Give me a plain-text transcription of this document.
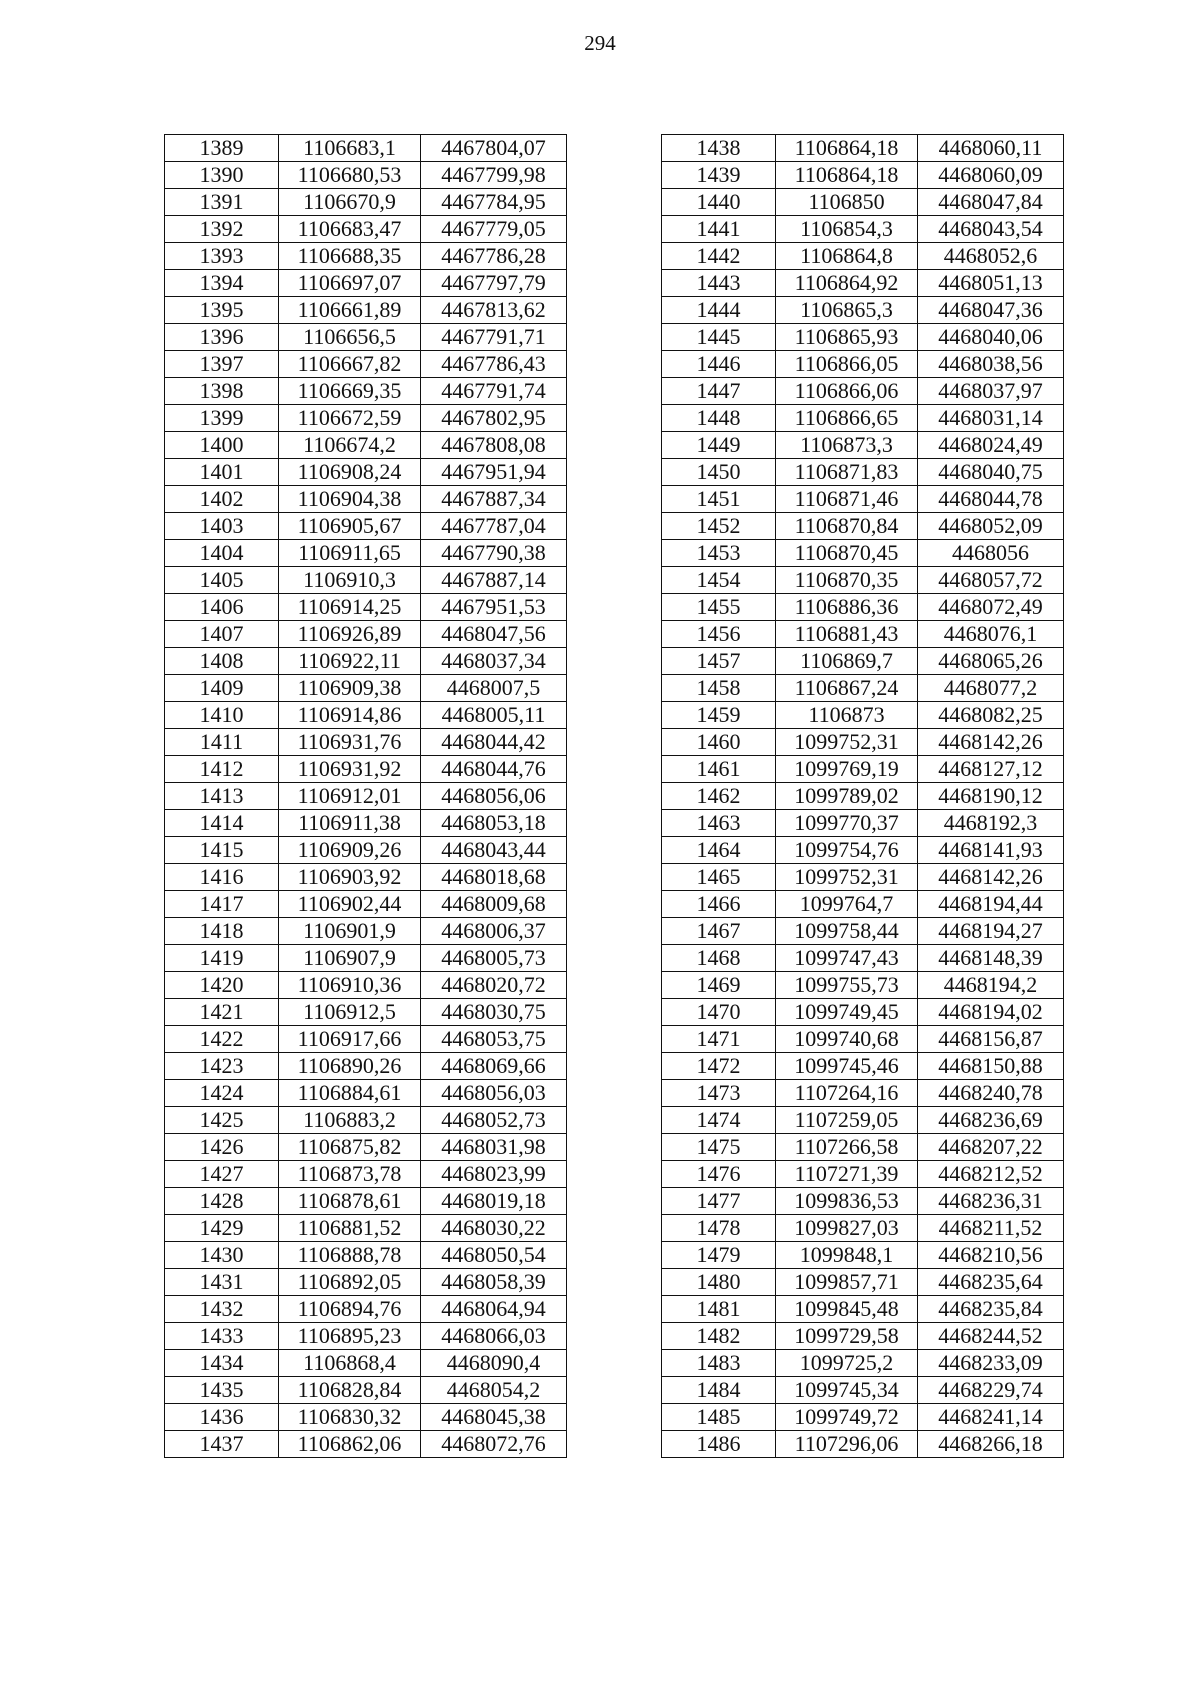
294
1389	1106683,1	4467804,07
1390	1106680,53	4467799,98
1391	1106670,9	4467784,95
1392	1106683,47	4467779,05
1393	1106688,35	4467786,28
1394	1106697,07	4467797,79
1395	1106661,89	4467813,62
1396	1106656,5	4467791,71
1397	1106667,82	4467786,43
1398	1106669,35	4467791,74
1399	1106672,59	4467802,95
1400	1106674,2	4467808,08
1401	1106908,24	4467951,94
1402	1106904,38	4467887,34
1403	1106905,67	4467787,04
1404	1106911,65	4467790,38
1405	1106910,3	4467887,14
1406	1106914,25	4467951,53
1407	1106926,89	4468047,56
1408	1106922,11	4468037,34
1409	1106909,38	4468007,5
1410	1106914,86	4468005,11
1411	1106931,76	4468044,42
1412	1106931,92	4468044,76
1413	1106912,01	4468056,06
1414	1106911,38	4468053,18
1415	1106909,26	4468043,44
1416	1106903,92	4468018,68
1417	1106902,44	4468009,68
1418	1106901,9	4468006,37
1419	1106907,9	4468005,73
1420	1106910,36	4468020,72
1421	1106912,5	4468030,75
1422	1106917,66	4468053,75
1423	1106890,26	4468069,66
1424	1106884,61	4468056,03
1425	1106883,2	4468052,73
1426	1106875,82	4468031,98
1427	1106873,78	4468023,99
1428	1106878,61	4468019,18
1429	1106881,52	4468030,22
1430	1106888,78	4468050,54
1431	1106892,05	4468058,39
1432	1106894,76	4468064,94
1433	1106895,23	4468066,03
1434	1106868,4	4468090,4
1435	1106828,84	4468054,2
1436	1106830,32	4468045,38
1437	1106862,06	4468072,76
1438	1106864,18	4468060,11
1439	1106864,18	4468060,09
1440	1106850	4468047,84
1441	1106854,3	4468043,54
1442	1106864,8	4468052,6
1443	1106864,92	4468051,13
1444	1106865,3	4468047,36
1445	1106865,93	4468040,06
1446	1106866,05	4468038,56
1447	1106866,06	4468037,97
1448	1106866,65	4468031,14
1449	1106873,3	4468024,49
1450	1106871,83	4468040,75
1451	1106871,46	4468044,78
1452	1106870,84	4468052,09
1453	1106870,45	4468056
1454	1106870,35	4468057,72
1455	1106886,36	4468072,49
1456	1106881,43	4468076,1
1457	1106869,7	4468065,26
1458	1106867,24	4468077,2
1459	1106873	4468082,25
1460	1099752,31	4468142,26
1461	1099769,19	4468127,12
1462	1099789,02	4468190,12
1463	1099770,37	4468192,3
1464	1099754,76	4468141,93
1465	1099752,31	4468142,26
1466	1099764,7	4468194,44
1467	1099758,44	4468194,27
1468	1099747,43	4468148,39
1469	1099755,73	4468194,2
1470	1099749,45	4468194,02
1471	1099740,68	4468156,87
1472	1099745,46	4468150,88
1473	1107264,16	4468240,78
1474	1107259,05	4468236,69
1475	1107266,58	4468207,22
1476	1107271,39	4468212,52
1477	1099836,53	4468236,31
1478	1099827,03	4468211,52
1479	1099848,1	4468210,56
1480	1099857,71	4468235,64
1481	1099845,48	4468235,84
1482	1099729,58	4468244,52
1483	1099725,2	4468233,09
1484	1099745,34	4468229,74
1485	1099749,72	4468241,14
1486	1107296,06	4468266,18
